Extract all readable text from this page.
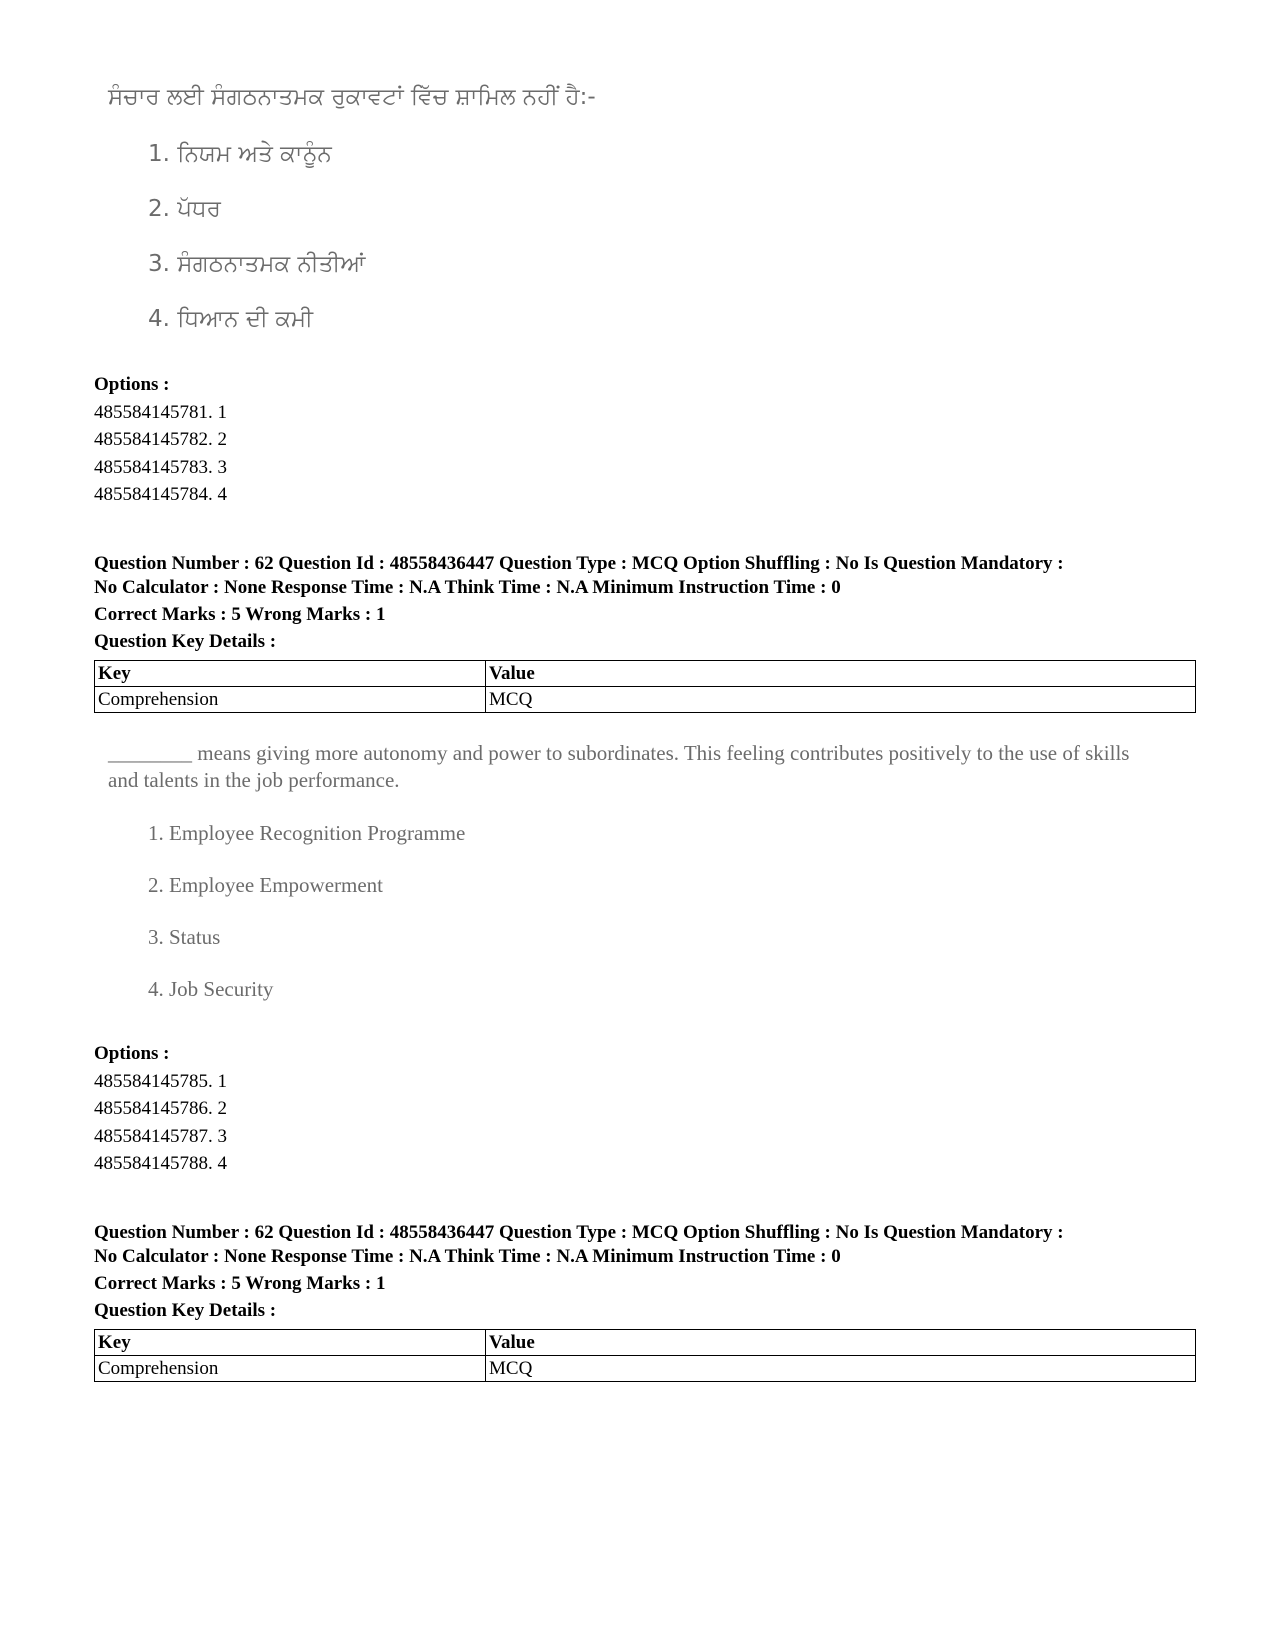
ਸੰਚਾਰ ਲਈ ਸੰਗਠਨਾਤਮਕ ਰੁਕਾਵਟਾਂ ਵਿੱਚ ਸ਼ਾਮਿਲ ਨਹੀਂ ਹੈ:-

1. ਨਿਯਮ ਅਤੇ ਕਾਨੂੰਨ
2. ਪੱਧਰ
3. ਸੰਗਠਨਾਤਮਕ ਨੀਤੀਆਂ
4. ਧਿਆਨ ਦੀ ਕਮੀ
Options :
485584145781. 1
485584145782. 2
485584145783. 3
485584145784. 4
Question Number : 62 Question Id : 48558436447 Question Type : MCQ Option Shuffling : No Is Question Mandatory :
No Calculator : None Response Time : N.A Think Time : N.A Minimum Instruction Time : 0
Correct Marks : 5 Wrong Marks : 1
Question Key Details :
Key	Value
Comprehension	MCQ

________ means giving more autonomy and power to subordinates. This feeling contributes positively to the use of skills and talents in the job performance.

1. Employee Recognition Programme
2. Employee Empowerment
3. Status
4. Job Security
Options :
485584145785. 1
485584145786. 2
485584145787. 3
485584145788. 4
Question Number : 62 Question Id : 48558436447 Question Type : MCQ Option Shuffling : No Is Question Mandatory :
No Calculator : None Response Time : N.A Think Time : N.A Minimum Instruction Time : 0
Correct Marks : 5 Wrong Marks : 1
Question Key Details :
Key	Value
Comprehension	MCQ
